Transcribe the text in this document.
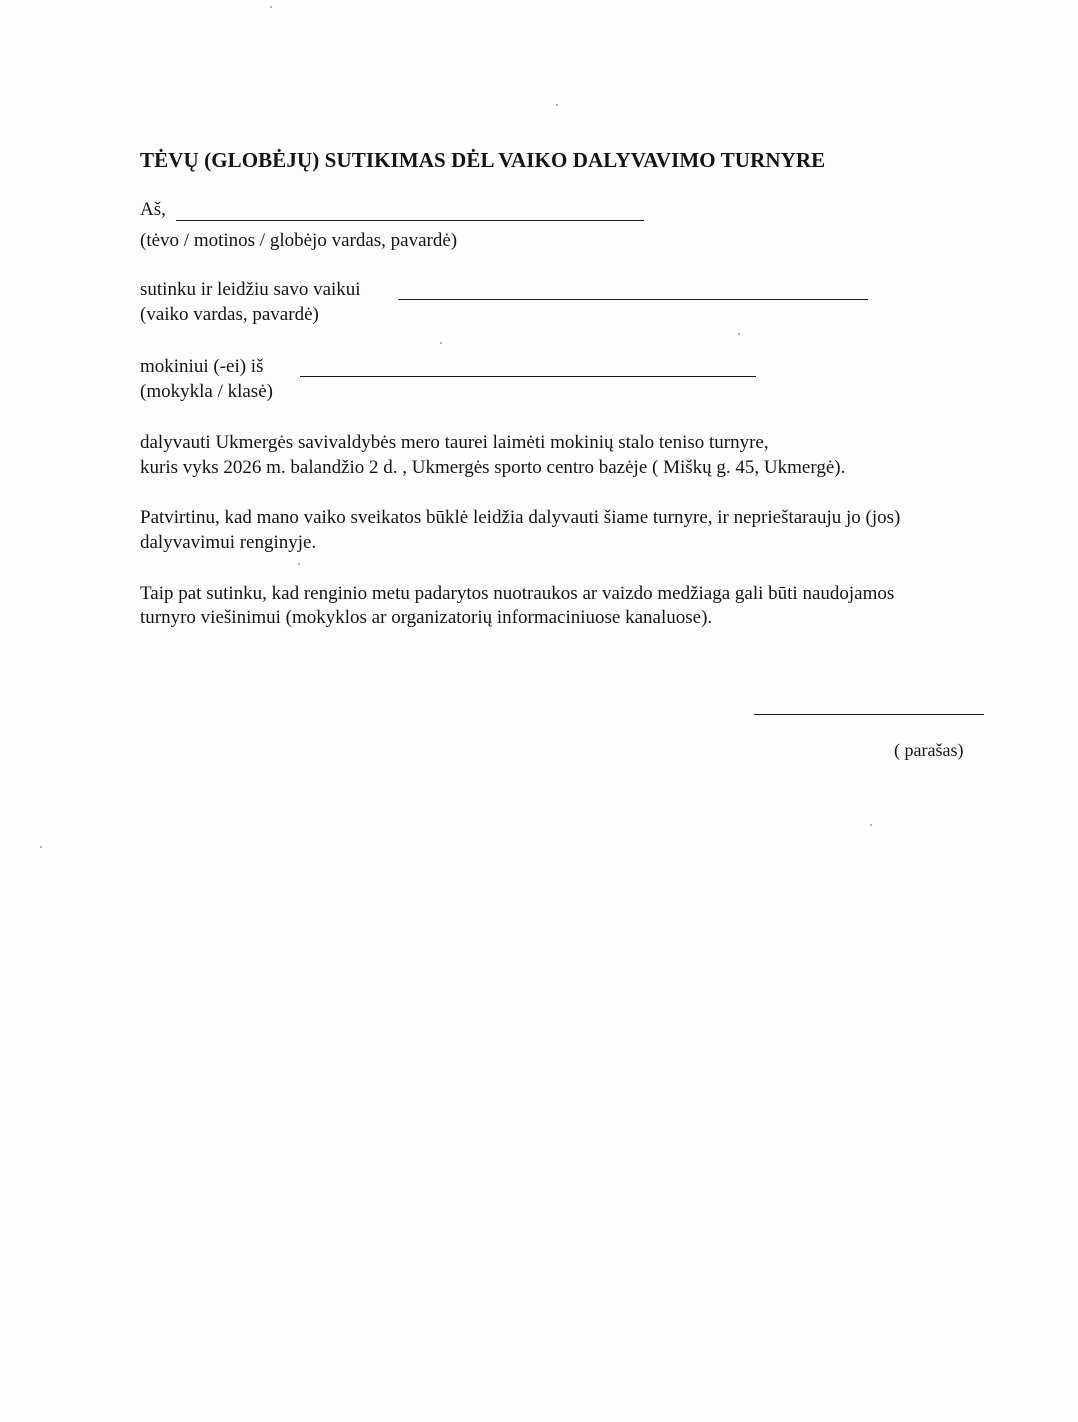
TĖVŲ (GLOBĖJŲ) SUTIKIMAS DĖL VAIKO DALYVAVIMO TURNYRE
Aš,
(tėvo / motinos / globėjo vardas, pavardė)
sutinku ir leidžiu savo vaikui
(vaiko vardas, pavardė)
mokiniui (-ei) iš
(mokykla / klasė)
dalyvauti Ukmergės savivaldybės mero taurei laimėti mokinių stalo teniso turnyre,
kuris vyks 2026 m. balandžio 2 d. , Ukmergės sporto centro bazėje ( Miškų g. 45, Ukmergė).
Patvirtinu, kad mano vaiko sveikatos būklė leidžia dalyvauti šiame turnyre, ir neprieštarauju jo (jos)
dalyvavimui renginyje.
Taip pat sutinku, kad renginio metu padarytos nuotraukos ar vaizdo medžiaga gali būti naudojamos
turnyro viešinimui (mokyklos ar organizatorių informaciniuose kanaluose).
( parašas)
